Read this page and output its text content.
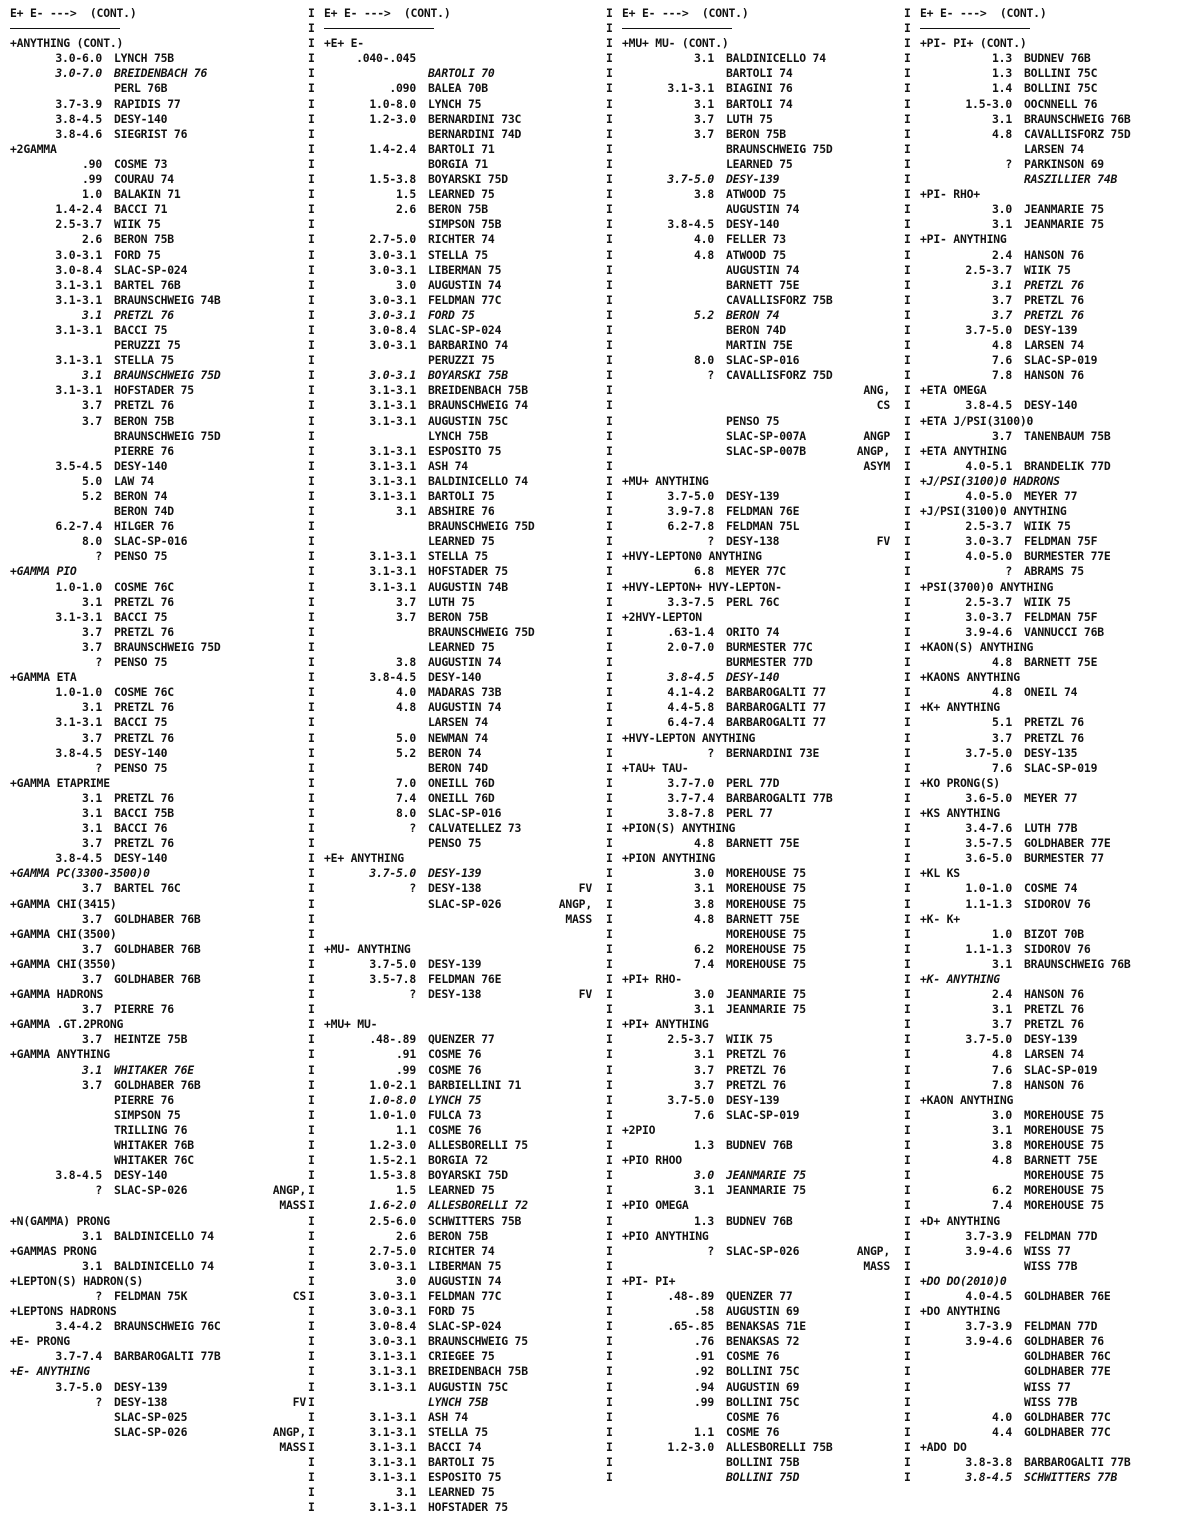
E+ E- --->  (CONT.)
+ANYTHING (CONT.)
3.0-6.0 LYNCH 75B
3.0-7.0 BREIDENBACH 76
PERL 76B
3.7-3.9 RAPIDIS 77
3.8-4.5 DESY-140
3.8-4.6 SIEGRIST 76
+2GAMMA
.90 COSME 73
.99 COURAU 74
1.0 BALAKIN 71
1.4-2.4 BACCI 71
2.5-3.7 WIIK 75
2.6 BERON 75B
3.0-3.1 FORD 75
3.0-8.4 SLAC-SP-024
3.1-3.1 BARTEL 76B
3.1-3.1 BRAUNSCHWEIG 74B
3.1 PRETZL 76
3.1-3.1 BACCI 75
PERUZZI 75
3.1-3.1 STELLA 75
3.1 BRAUNSCHWEIG 75D
3.1-3.1 HOFSTADER 75
3.7 PRETZL 76
3.7 BERON 75B
BRAUNSCHWEIG 75D
PIERRE 76
3.5-4.5 DESY-140
5.0 LAW 74
5.2 BERON 74
BERON 74D
6.2-7.4 HILGER 76
8.0 SLAC-SP-016
? PENSO 75
+GAMMA PIO
1.0-1.0 COSME 76C
3.1 PRETZL 76
3.1-3.1 BACCI 75
3.7 PRETZL 76
3.7 BRAUNSCHWEIG 75D
? PENSO 75
+GAMMA ETA
1.0-1.0 COSME 76C
3.1 PRETZL 76
3.1-3.1 BACCI 75
3.7 PRETZL 76
3.8-4.5 DESY-140
? PENSO 75
+GAMMA ETAPRIME
3.1 PRETZL 76
3.1 BACCI 75B
3.1 BACCI 76
3.7 PRETZL 76
3.8-4.5 DESY-140
+GAMMA PC(3300-3500)0
3.7 BARTEL 76C
+GAMMA CHI(3415)
3.7 GOLDHABER 76B
+GAMMA CHI(3500)
3.7 GOLDHABER 76B
+GAMMA CHI(3550)
3.7 GOLDHABER 76B
+GAMMA HADRONS
3.7 PIERRE 76
+GAMMA .GT.2PRONG
3.7 HEINTZE 75B
+GAMMA ANYTHING
3.1 WHITAKER 76E
3.7 GOLDHABER 76B
PIERRE 76
SIMPSON 75
TRILLING 76
WHITAKER 76B
WHITAKER 76C
3.8-4.5 DESY-140
? SLAC-SP-026	ANGP,
MASS
+N(GAMMA) PRONG
3.1 BALDINICELLO 74
+GAMMAS PRONG
3.1 BALDINICELLO 74
+LEPTON(S) HADRON(S)
? FELDMAN 75K	CS
+LEPTONS HADRONS
3.4-4.2 BRAUNSCHWEIG 76C
+E- PRONG
3.7-7.4 BARBAROGALTI 77B
+E- ANYTHING
3.7-5.0 DESY-139
? DESY-138	FV
SLAC-SP-025
SLAC-SP-026	ANGP,
MASS
I E+ E- --->  (CONT.)
I
I +E+ E-
I	.040-.045
I	BARTOLI 70
I	.090 BALEA 70B
I	1.0-8.0 LYNCH 75
I	1.2-3.0 BERNARDINI 73C
I	BERNARDINI 74D
I	1.4-2.4 BARTOLI 71
I	BORGIA 71
I	1.5-3.8 BOYARSKI 75D
I	1.5 LEARNED 75
I	2.6 BERON 75B
I	SIMPSON 75B
I	2.7-5.0 RICHTER 74
I	3.0-3.1 STELLA 75
I	3.0-3.1 LIBERMAN 75
I	3.0 AUGUSTIN 74
I	3.0-3.1 FELDMAN 77C
I	3.0-3.1 FORD 75
I	3.0-8.4 SLAC-SP-024
I	3.0-3.1 BARBARINO 74
I	PERUZZI 75
I	3.0-3.1 BOYARSKI 75B
I	3.1-3.1 BREIDENBACH 75B
I	3.1-3.1 BRAUNSCHWEIG 74
I	3.1-3.1 AUGUSTIN 75C
I	LYNCH 75B
I	3.1-3.1 ESPOSITO 75
I	3.1-3.1 ASH 74
I	3.1-3.1 BALDINICELLO 74
I	3.1-3.1 BARTOLI 75
I	3.1 ABSHIRE 76
I	BRAUNSCHWEIG 75D
I	LEARNED 75
I	3.1-3.1 STELLA 75
I	3.1-3.1 HOFSTADER 75
I	3.1-3.1 AUGUSTIN 74B
I	3.7 LUTH 75
I	3.7 BERON 75B
I	BRAUNSCHWEIG 75D
I	LEARNED 75
I	3.8 AUGUSTIN 74
I	3.8-4.5 DESY-140
I	4.0 MADARAS 73B
I	4.8 AUGUSTIN 74
I	LARSEN 74
I	5.0 NEWMAN 74
I	5.2 BERON 74
I	BERON 74D
I	7.0 ONEILL 76D
I	7.4 ONEILL 76D
I	8.0 SLAC-SP-016
I	? CALVATELLEZ 73
I	PENSO 75
I +E+ ANYTHING
I	3.7-5.0 DESY-139
I	? DESY-138	FV
I	SLAC-SP-026	ANGP,
I	MASS
I
I +MU- ANYTHING
I	3.7-5.0 DESY-139
I	3.5-7.8 FELDMAN 76E
I	? DESY-138	FV
I
I +MU+ MU-
I	.48-.89 QUENZER 77
I	.91 COSME 76
I	.99 COSME 76
I	1.0-2.1 BARBIELLINI 71
I	1.0-8.0 LYNCH 75
I	1.0-1.0 FULCA 73
I	1.1 COSME 76
I	1.2-3.0 ALLESBORELLI 75
I	1.5-2.1 BORGIA 72
I	1.5-3.8 BOYARSKI 75D
I	1.5 LEARNED 75
I	1.6-2.0 ALLESBORELLI 72
I	2.5-6.0 SCHWITTERS 75B
I	2.6 BERON 75B
I	2.7-5.0 RICHTER 74
I	3.0-3.1 LIBERMAN 75
I	3.0 AUGUSTIN 74
I	3.0-3.1 FELDMAN 77C
I	3.0-3.1 FORD 75
I	3.0-8.4 SLAC-SP-024
I	3.0-3.1 BRAUNSCHWEIG 75
I	3.1-3.1 CRIEGEE 75
I	3.1-3.1 BREIDENBACH 75B
I	3.1-3.1 AUGUSTIN 75C
I	LYNCH 75B
I	3.1-3.1 ASH 74
I	3.1-3.1 STELLA 75
I	3.1-3.1 BACCI 74
I	3.1-3.1 BARTOLI 75
I	3.1-3.1 ESPOSITO 75
I	3.1 LEARNED 75
I	3.1-3.1 HOFSTADER 75
I E+ E- --->  (CONT.)
I
I +MU+ MU- (CONT.)
I	3.1 BALDINICELLO 74
I	BARTOLI 74
I	3.1-3.1 BIAGINI 76
I	3.1 BARTOLI 74
I	3.7 LUTH 75
I	3.7 BERON 75B
I	BRAUNSCHWEIG 75D
I	LEARNED 75
I	3.7-5.0 DESY-139
I	3.8 ATWOOD 75
I	AUGUSTIN 74
I	3.8-4.5 DESY-140
I	4.0 FELLER 73
I	4.8 ATWOOD 75
I	AUGUSTIN 74
I	BARNETT 75E
I	CAVALLISFORZ 75B
I	5.2 BERON 74
I	BERON 74D
I	MARTIN 75E
I	8.0 SLAC-SP-016
I	? CAVALLISFORZ 75D
I	ANG,
I	CS
I	PENSO 75
I	SLAC-SP-007A	ANGP
I	SLAC-SP-007B	ANGP,
I	ASYM
I +MU+ ANYTHING
I	3.7-5.0 DESY-139
I	3.9-7.8 FELDMAN 76E
I	6.2-7.8 FELDMAN 75L
I	? DESY-138	FV
I +HVY-LEPTON0 ANYTHING
I	6.8 MEYER 77C
I +HVY-LEPTON+ HVY-LEPTON-
I	3.3-7.5 PERL 76C
I +2HVY-LEPTON
I	.63-1.4 ORITO 74
I	2.0-7.0 BURMESTER 77C
I	BURMESTER 77D
I	3.8-4.5 DESY-140
I	4.1-4.2 BARBAROGALTI 77
I	4.4-5.8 BARBAROGALTI 77
I	6.4-7.4 BARBAROGALTI 77
I +HVY-LEPTON ANYTHING
I	? BERNARDINI 73E
I +TAU+ TAU-
I	3.7-7.0 PERL 77D
I	3.7-7.4 BARBAROGALTI 77B
I	3.8-7.8 PERL 77
I +PION(S) ANYTHING
I	4.8 BARNETT 75E
I +PION ANYTHING
I	3.0 MOREHOUSE 75
I	3.1 MOREHOUSE 75
I	3.8 MOREHOUSE 75
I	4.8 BARNETT 75E
I	MOREHOUSE 75
I	6.2 MOREHOUSE 75
I	7.4 MOREHOUSE 75
I +PI+ RHO-
I	3.0 JEANMARIE 75
I	3.1 JEANMARIE 75
I +PI+ ANYTHING
I	2.5-3.7 WIIK 75
I	3.1 PRETZL 76
I	3.7 PRETZL 76
I	3.7 PRETZL 76
I	3.7-5.0 DESY-139
I	7.6 SLAC-SP-019
I +2PIO
I	1.3 BUDNEV 76B
I +PIO RHOO
I	3.0 JEANMARIE 75
I	3.1 JEANMARIE 75
I +PIO OMEGA
I	1.3 BUDNEV 76B
I +PIO ANYTHING
I	? SLAC-SP-026	ANGP,
I	MASS
I +PI- PI+
I	.48-.89 QUENZER 77
I	.58 AUGUSTIN 69
I	.65-.85 BENAKSAS 71E
I	.76 BENAKSAS 72
I	.91 COSME 76
I	.92 BOLLINI 75C
I	.94 AUGUSTIN 69
I	.99 BOLLINI 75C
I	COSME 76
I	1.1 COSME 76
I	1.2-3.0 ALLESBORELLI 75B
I	BOLLINI 75B
I	BOLLINI 75D
I E+ E- --->  (CONT.)
I
I +PI- PI+ (CONT.)
I	1.3 BUDNEV 76B
I	1.3 BOLLINI 75C
I	1.4 BOLLINI 75C
I	1.5-3.0 OOCNNELL 76
I	3.1 BRAUNSCHWEIG 76B
I	4.8 CAVALLISFORZ 75D
I	LARSEN 74
I	? PARKINSON 69
I	RASZILLIER 74B
I +PI- RHO+
I	3.0 JEANMARIE 75
I	3.1 JEANMARIE 75
I +PI- ANYTHING
I	2.4 HANSON 76
I	2.5-3.7 WIIK 75
I	3.1 PRETZL 76
I	3.7 PRETZL 76
I	3.7 PRETZL 76
I	3.7-5.0 DESY-139
I	4.8 LARSEN 74
I	7.6 SLAC-SP-019
I	7.8 HANSON 76
I +ETA OMEGA
I	3.8-4.5 DESY-140
I +ETA J/PSI(3100)0
I	3.7 TANENBAUM 75B
I +ETA ANYTHING
I	4.0-5.1 BRANDELIK 77D
I +J/PSI(3100)0 HADRONS
I	4.0-5.0 MEYER 77
I +J/PSI(3100)0 ANYTHING
I	2.5-3.7 WIIK 75
I	3.0-3.7 FELDMAN 75F
I	4.0-5.0 BURMESTER 77E
I	? ABRAMS 75
I +PSI(3700)0 ANYTHING
I	2.5-3.7 WIIK 75
I	3.0-3.7 FELDMAN 75F
I	3.9-4.6 VANNUCCI 76B
I +KAON(S) ANYTHING
I	4.8 BARNETT 75E
I +KAONS ANYTHING
I	4.8 ONEIL 74
I +K+ ANYTHING
I	5.1 PRETZL 76
I	3.7 PRETZL 76
I	3.7-5.0 DESY-135
I	7.6 SLAC-SP-019
I +KO PRONG(S)
I	3.6-5.0 MEYER 77
I +KS ANYTHING
I	3.4-7.6 LUTH 77B
I	3.5-7.5 GOLDHABER 77E
I	3.6-5.0 BURMESTER 77
I +KL KS
I	1.0-1.0 COSME 74
I	1.1-1.3 SIDOROV 76
I +K- K+
I	1.0 BIZOT 70B
I	1.1-1.3 SIDOROV 76
I	3.1 BRAUNSCHWEIG 76B
I +K- ANYTHING
I	2.4 HANSON 76
I	3.1 PRETZL 76
I	3.7 PRETZL 76
I	3.7-5.0 DESY-139
I	4.8 LARSEN 74
I	7.6 SLAC-SP-019
I	7.8 HANSON 76
I +KAON ANYTHING
I	3.0 MOREHOUSE 75
I	3.1 MOREHOUSE 75
I	3.8 MOREHOUSE 75
I	4.8 BARNETT 75E
I	MOREHOUSE 75
I	6.2 MOREHOUSE 75
I	7.4 MOREHOUSE 75
I +D+ ANYTHING
I	3.7-3.9 FELDMAN 77D
I	3.9-4.6 WISS 77
I	WISS 77B
I +DO DO(2010)0
I	4.0-4.5 GOLDHABER 76E
I +DO ANYTHING
I	3.7-3.9 FELDMAN 77D
I	3.9-4.6 GOLDHABER 76
I	GOLDHABER 76C
I	GOLDHABER 77E
I	WISS 77
I	WISS 77B
I	4.0 GOLDHABER 77C
I	4.4 GOLDHABER 77C
I +ADO DO
I	3.8-3.8 BARBAROGALTI 77B
I	3.8-4.5 SCHWITTERS 77B
